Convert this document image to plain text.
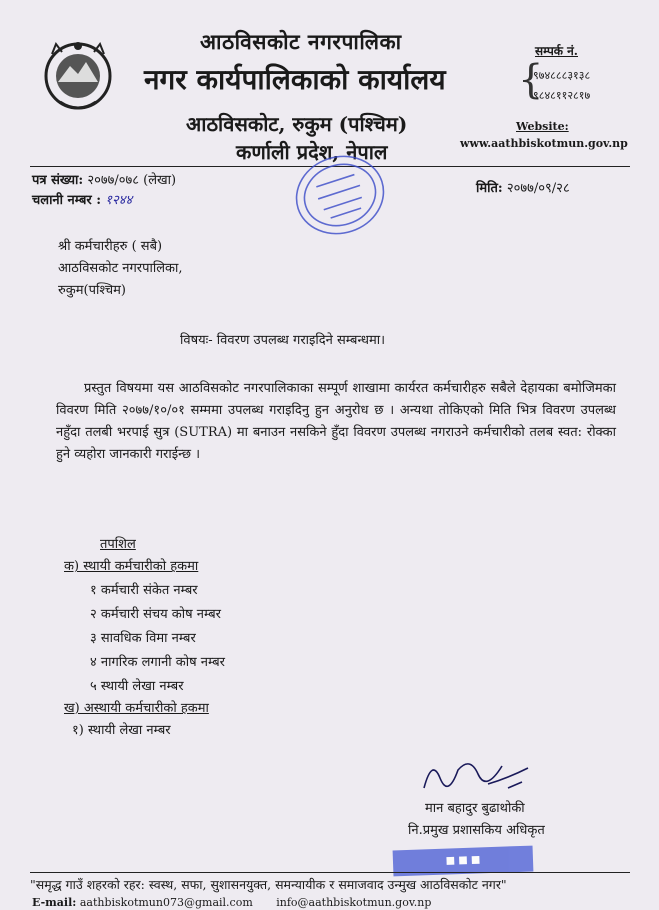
आठविसकोट नगरपालिका
नगर कार्यपालिकाको कार्यालय
आठविसकोट, रुकुम (पश्चिम)
कर्णाली प्रदेश, नेपाल
सम्पर्क नं.
{
९७४८८८३१३८
९८४८११२८१७
Website:
www.aathbiskotmun.gov.np
पत्र संख्या: २०७७/०७८ (लेखा)
चलानी नम्बर : १२४४
मिति: २०७७/०९/२८
श्री कर्मचारीहरु ( सबै)
आठविसकोट नगरपालिका,
रुकुम(पश्चिम)
विषयः- विवरण उपलब्ध गराइदिने सम्बन्धमा।
प्रस्तुत विषयमा यस आठविसकोट नगरपालिकाका सम्पूर्ण शाखामा कार्यरत कर्मचारीहरु सबैले देहायका बमोजिमका विवरण मिति २०७७/१०/०१ सम्ममा उपलब्ध गराइदिनु हुन अनुरोध छ । अन्यथा तोकिएको मिति भित्र विवरण उपलब्ध नहुँदा तलबी भरपाई सुत्र (SUTRA) मा बनाउन नसकिने हुँदा विवरण उपलब्ध नगराउने कर्मचारीको तलब स्वत: रोक्का हुने व्यहोरा जानकारी गराईन्छ ।
तपशिल
क) स्थायी कर्मचारीको हकमा
१ कर्मचारी संकेत नम्बर
२ कर्मचारी संचय कोष नम्बर
३ सावधिक विमा नम्बर
४ नागरिक लगानी कोष नम्बर
५ स्थायी लेखा नम्बर
ख) अस्थायी कर्मचारीको हकमा
१) स्थायी लेखा नम्बर
मान बहादुर बुढाथोकी
नि.प्रमुख प्रशासकिय अधिकृत
■ ■ ■
"समृद्ध गाउँ शहरको रहर: स्वस्थ, सफा, सुशासनयुक्त, समन्यायीक र समाजवाद उन्मुख आठविसकोट नगर"
E-mail: aathbiskotmun073@gmail.com info@aathbiskotmun.gov.np
